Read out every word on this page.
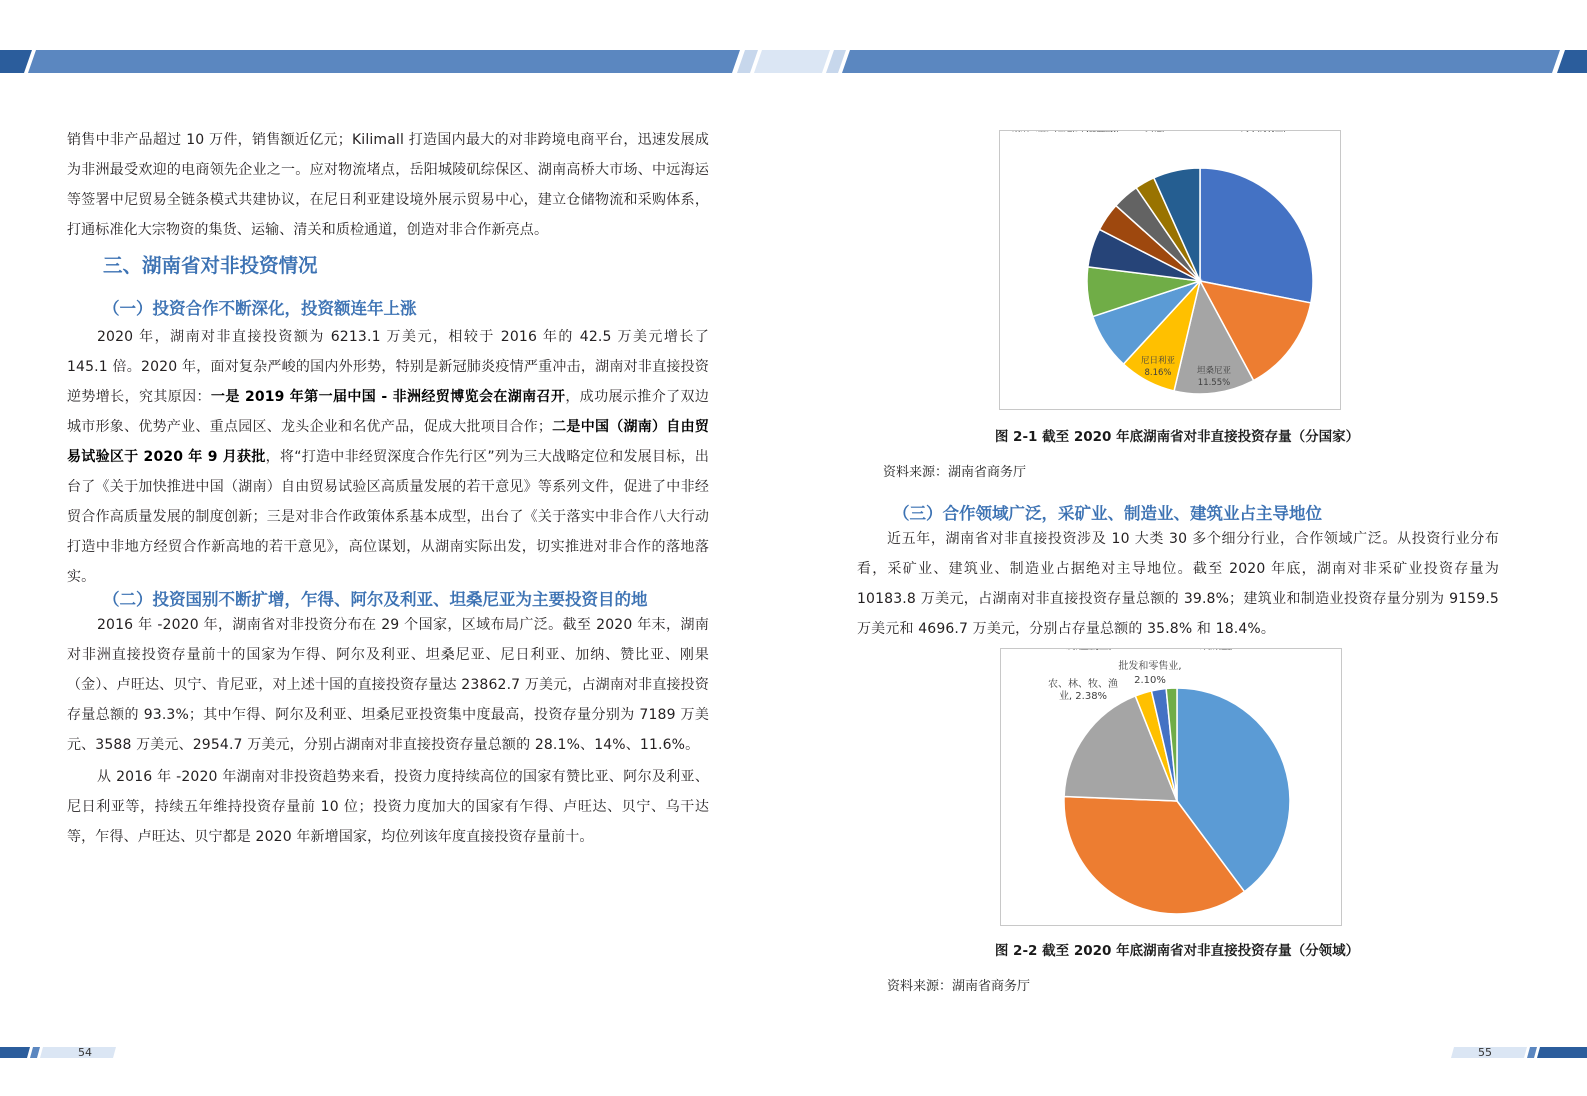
销售中非产品超过 10 万件，销售额近亿元；Kilimall 打造国内最大的对非跨境电商平台，迅速发展成为非洲最受欢迎的电商领先企业之一。应对物流堵点，岳阳城陵矶综保区、湖南高桥大市场、中远海运等签署中尼贸易全链条模式共建协议，在尼日利亚建设境外展示贸易中心，建立仓储物流和采购体系，打通标准化大宗物资的集货、运输、清关和质检通道，创造对非合作新亮点。

三、湖南省对非投资情况
（一）投资合作不断深化，投资额连年上涨

2020 年，湖南对非直接投资额为 6213.1 万美元，相较于 2016 年的 42.5 万美元增长了 145.1 倍。2020 年，面对复杂严峻的国内外形势，特别是新冠肺炎疫情严重冲击，湖南对非直接投资逆势增长，究其原因：一是 2019 年第一届中国 - 非洲经贸博览会在湖南召开，成功展示推介了双边城市形象、优势产业、重点园区、龙头企业和名优产品，促成大批项目合作；二是中国（湖南）自由贸易试验区于 2020 年 9 月获批，将“打造中非经贸深度合作先行区”列为三大战略定位和发展目标，出台了《关于加快推进中国（湖南）自由贸易试验区高质量发展的若干意见》等系列文件，促进了中非经贸合作高质量发展的制度创新；三是对非合作政策体系基本成型，出台了《关于落实中非合作八大行动打造中非地方经贸合作新高地的若干意见》，高位谋划，从湖南实际出发，切实推进对非合作的落地落实。

（二）投资国别不断扩增，乍得、阿尔及利亚、坦桑尼亚为主要投资目的地

2016 年 -2020 年，湖南省对非投资分布在 29 个国家，区域布局广泛。截至 2020 年末，湖南对非洲直接投资存量前十的国家为乍得、阿尔及利亚、坦桑尼亚、尼日利亚、加纳、赞比亚、刚果（金）、卢旺达、贝宁、肯尼亚，对上述十国的直接投资存量达 23862.7 万美元，占湖南对非直接投资存量总额的 93.3%；其中乍得、阿尔及利亚、坦桑尼亚投资集中度最高，投资存量分别为 7189 万美元、3588 万美元、2954.7 万美元，分别占湖南对非直接投资存量总额的 28.1%、14%、11.6%。

从 2016 年 -2020 年湖南对非投资趋势来看，投资力度持续高位的国家有赞比亚、阿尔及利亚、尼日利亚等，持续五年维持投资存量前 10 位；投资力度加大的国家有乍得、卢旺达、贝宁、乌干达等，乍得、卢旺达、贝宁都是 2020 年新增国家，均位列该年度直接投资存量前十。

坦桑尼亚
11.55%
尼日利亚
8.16%
图 2-1 截至 2020 年底湖南省对非直接投资存量（分国家）
资料来源：湖南省商务厅
（三）合作领域广泛，采矿业、制造业、建筑业占主导地位

近五年，湖南省对非直接投资涉及 10 大类 30 多个细分行业，合作领域广泛。从投资行业分布看，采矿业、建筑业、制造业占据绝对主导地位。截至 2020 年底，湖南对非采矿业投资存量为 10183.8 万美元，占湖南对非直接投资存量总额的 39.8%；建筑业和制造业投资存量分别为 9159.5 万美元和 4696.7 万美元，分别占存量总额的 35.8% 和 18.4%。

农、林、牧、渔
业, 2.38%
批发和零售业,
2.10%
图 2-2 截至 2020 年底湖南省对非直接投资存量（分领域）
资料来源：湖南省商务厅
54	55
